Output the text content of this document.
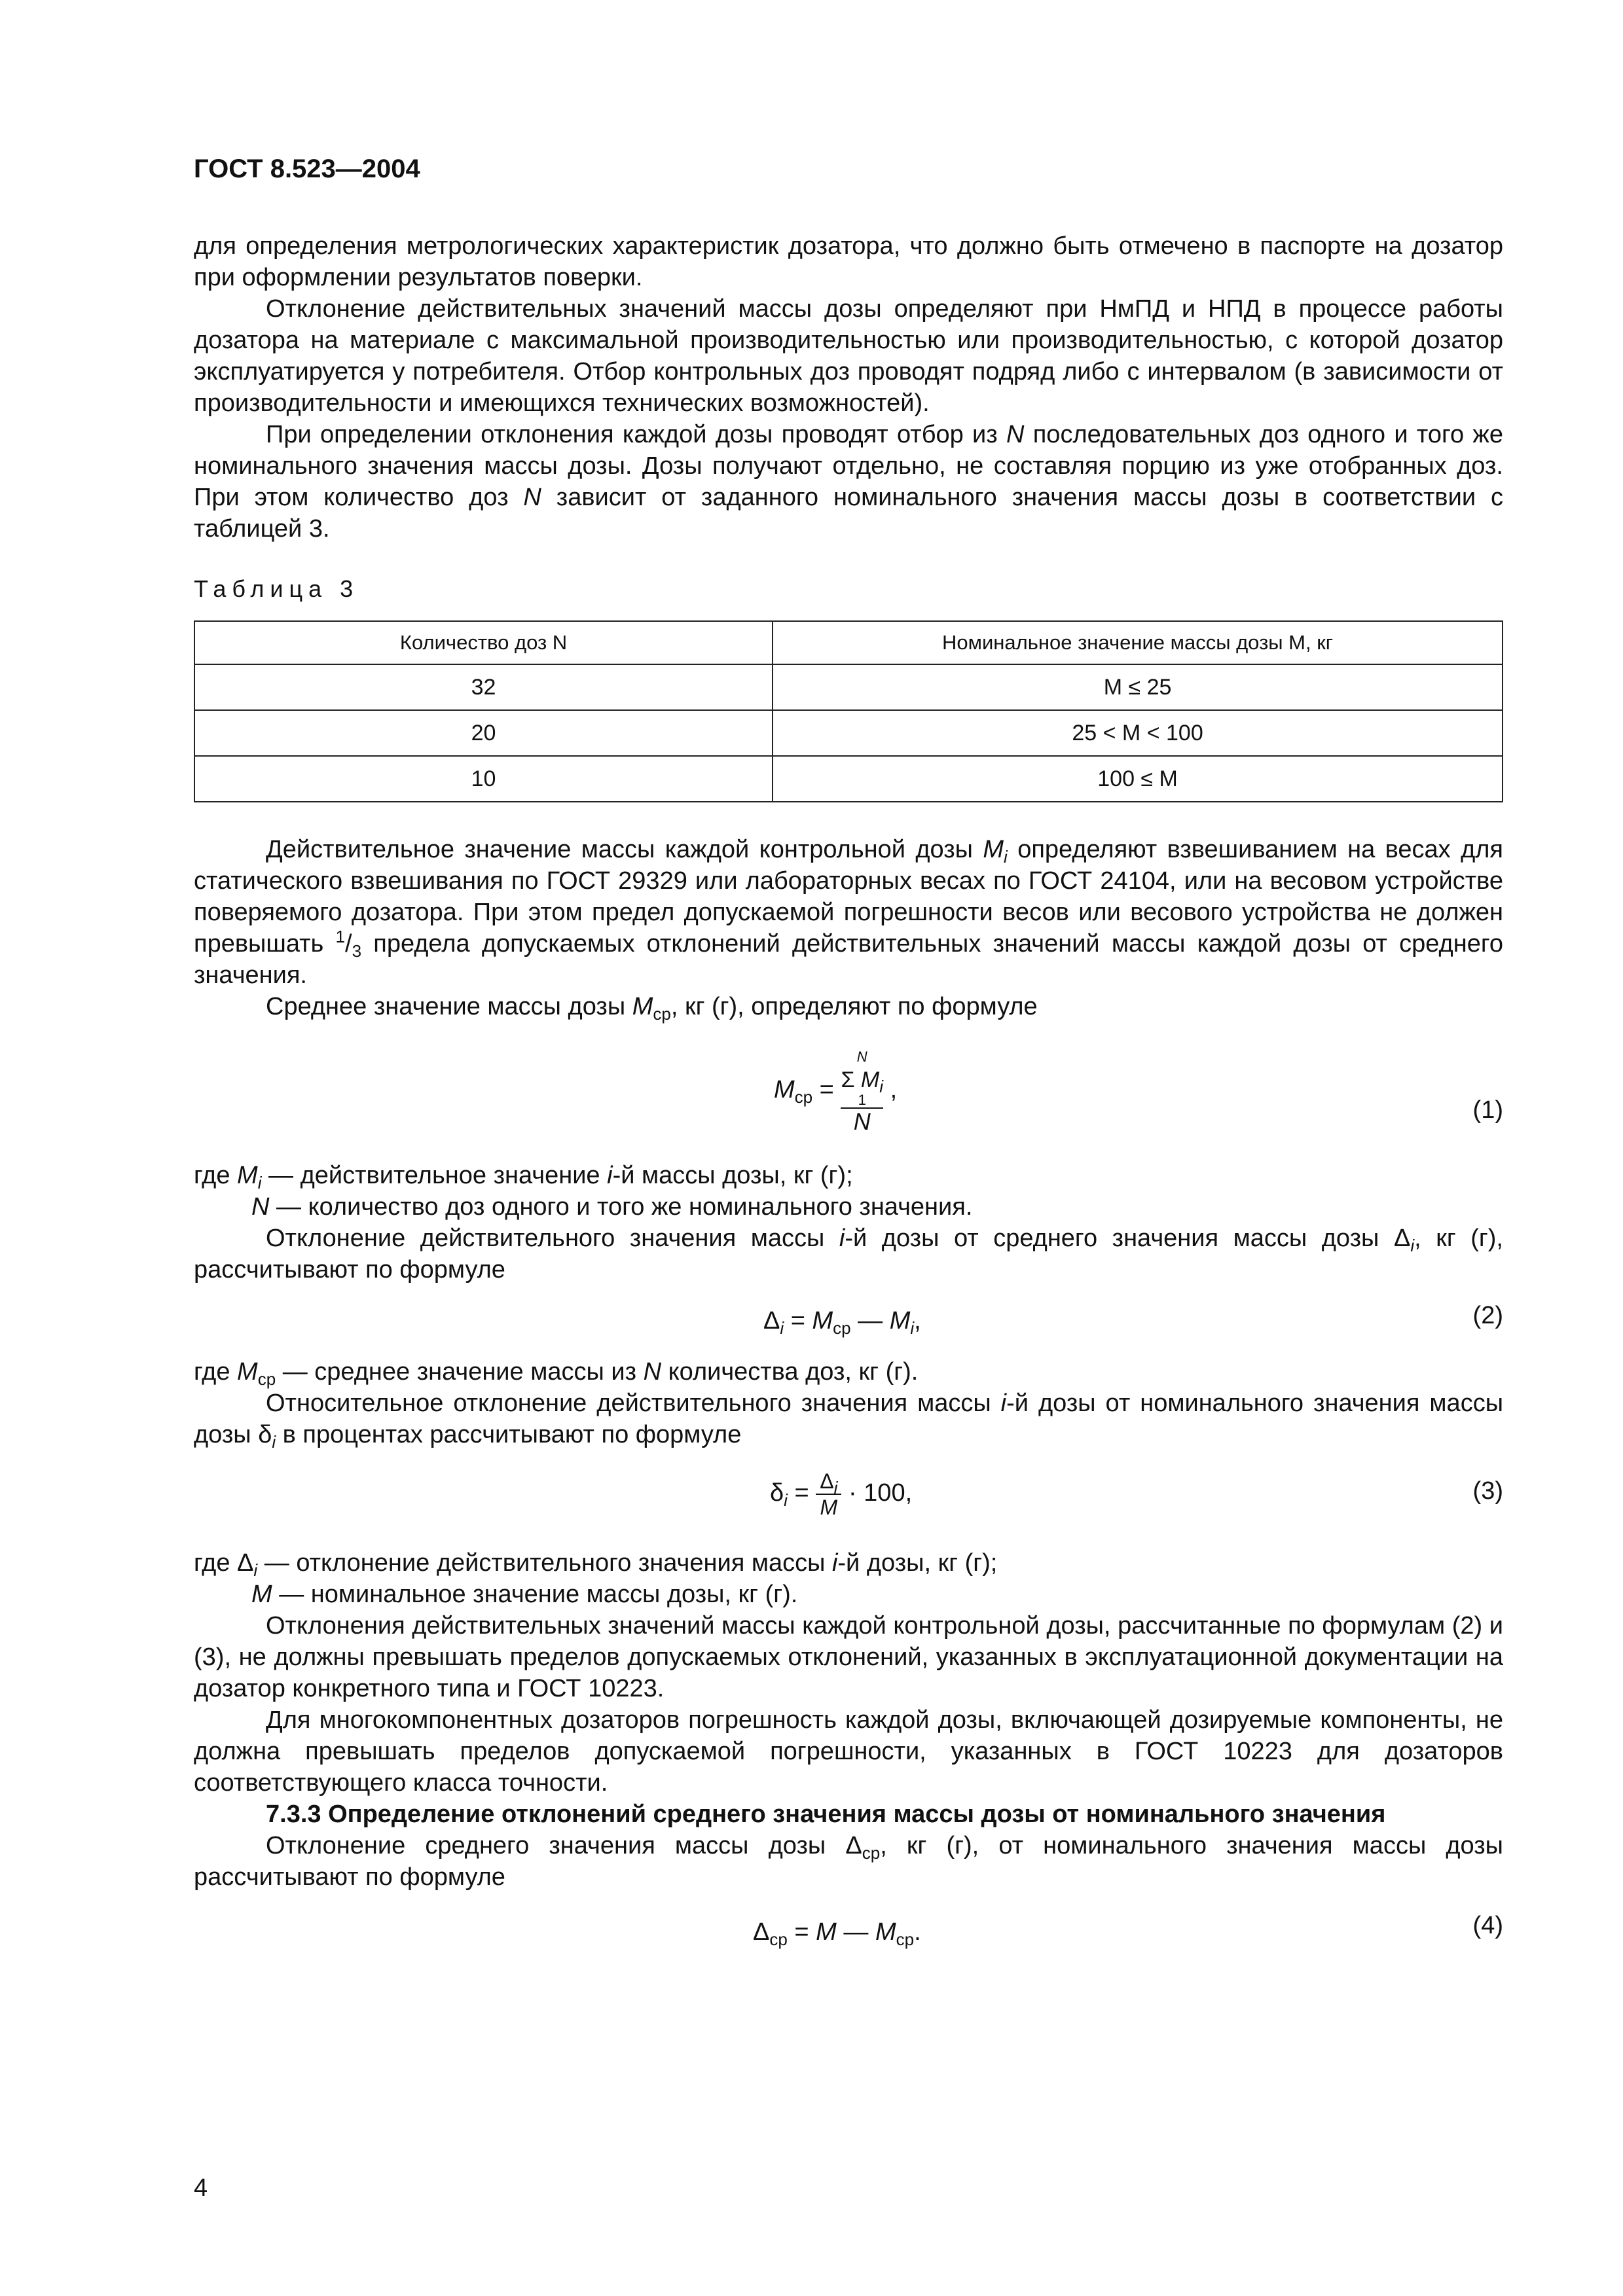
ГОСТ 8.523—2004

для определения метрологических характеристик дозатора, что должно быть отмечено в паспорте на дозатор при оформлении результатов поверки.

Отклонение действительных значений массы дозы определяют при НмПД и НПД в процессе работы дозатора на материале с максимальной производительностью или производительностью, с которой дозатор эксплуатируется у потребителя. Отбор контрольных доз проводят подряд либо с интервалом (в зависимости от производительности и имеющихся технических возможностей).

При определении отклонения каждой дозы проводят отбор из N последовательных доз одного и того же номинального значения массы дозы. Дозы получают отдельно, не составляя порцию из уже отобранных доз. При этом количество доз N зависит от заданного номинального значения массы дозы в соответствии с таблицей 3.

Таблица 3
Количество доз N	Номинальное значение массы дозы M, кг
32	M ≤ 25
20	25 < M < 100
10	100 ≤ M

Действительное значение массы каждой контрольной дозы $M_i$ определяют взвешиванием на весах для статического взвешивания по ГОСТ 29329 или лабораторных весах по ГОСТ 24104, или на весовом устройстве поверяемого дозатора. При этом предел допускаемой погрешности весов или весового устройства не должен превышать $^1/_3$ предела допускаемых отклонений действительных значений массы каждой дозы от среднего значения.

Среднее значение массы дозы $M_{ср}$, кг (г), определяют по формуле

$M_{ср}$ =
N
Σ $M_i$
1
N
,
(1)

где $M_i$ — действительное значение i-й массы дозы, кг (г);

N — количество доз одного и того же номинального значения.

Отклонение действительного значения массы i-й дозы от среднего значения массы дозы $\Delta_i$, кг (г), рассчитывают по формуле

$\Delta_i = M_{ср}$ — $M_i$,	(2)

где $M_{ср}$ — среднее значение массы из N количества доз, кг (г).

Относительное отклонение действительного значения массы i-й дозы от номинального значения массы дозы $\delta_i$ в процентах рассчитывают по формуле

$\delta_i = \frac{\Delta_i}{M} \cdot 100$,	(3)

где $\Delta_i$ — отклонение действительного значения массы i-й дозы, кг (г);

M — номинальное значение массы дозы, кг (г).

Отклонения действительных значений массы каждой контрольной дозы, рассчитанные по формулам (2) и (3), не должны превышать пределов допускаемых отклонений, указанных в эксплуатационной документации на дозатор конкретного типа и ГОСТ 10223.

Для многокомпонентных дозаторов погрешность каждой дозы, включающей дозируемые компоненты, не должна превышать пределов допускаемой погрешности, указанных в ГОСТ 10223 для дозаторов соответствующего класса точности.

7.3.3 Определение отклонений среднего значения массы дозы от номинального значения

Отклонение среднего значения массы дозы $\Delta_{ср}$, кг (г), от номинального значения массы дозы рассчитывают по формуле

$\Delta_{ср} = M$ — $M_{ср}$.	(4)
4
